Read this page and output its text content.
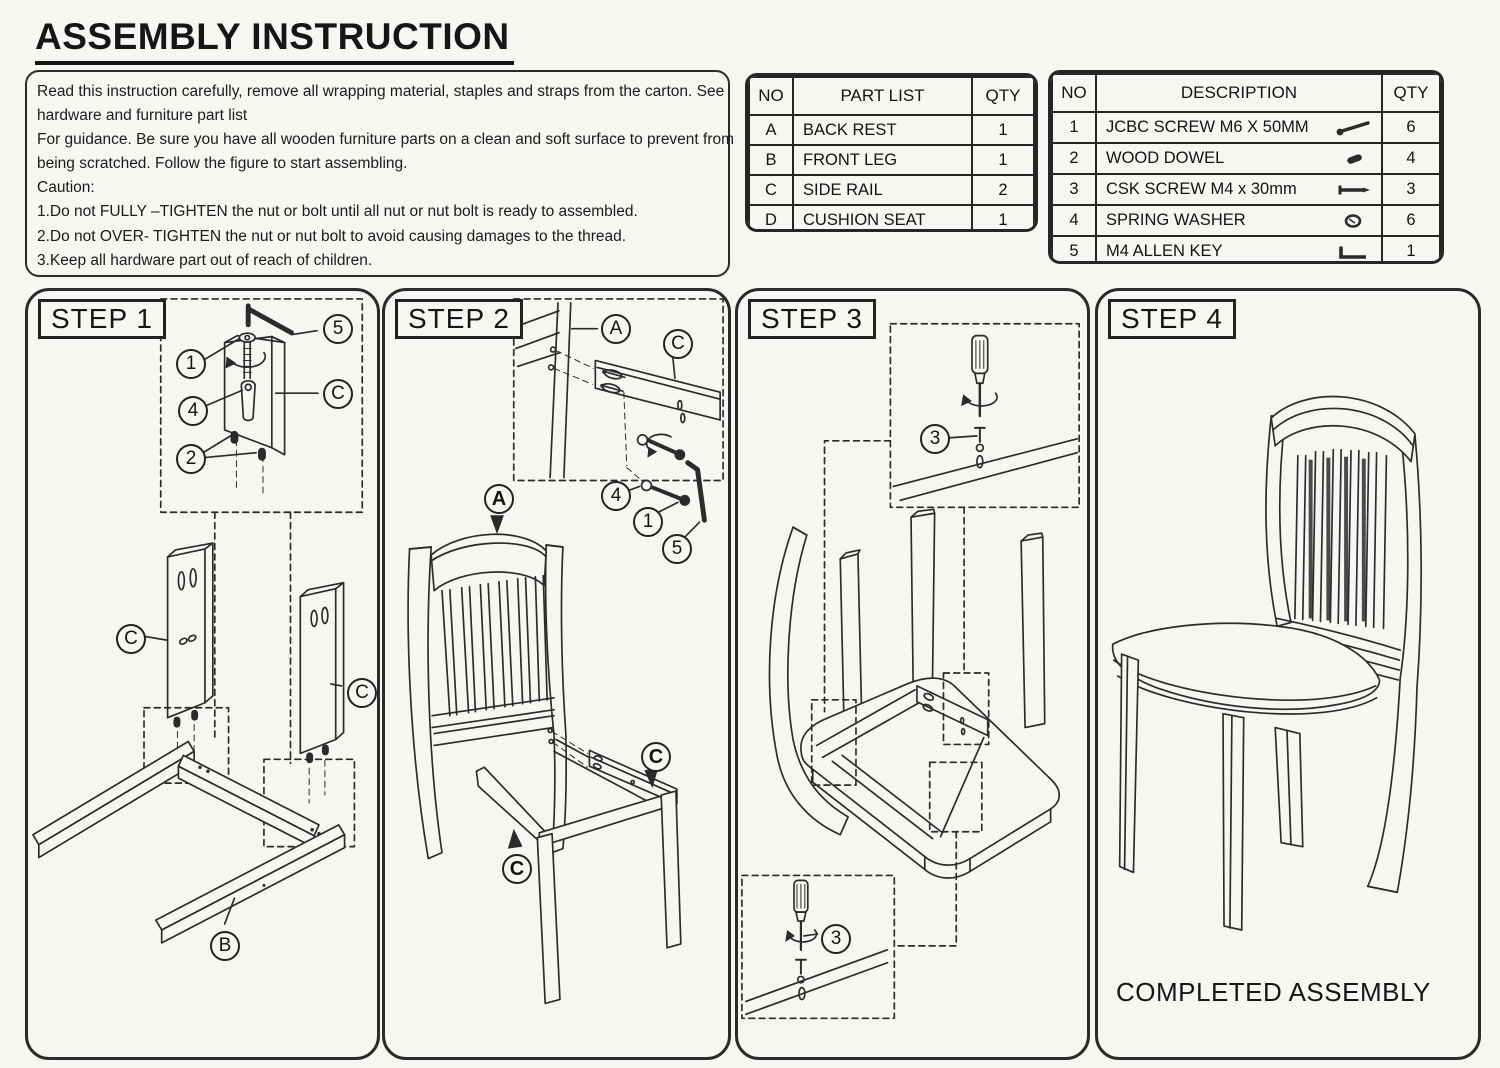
ASSEMBLY INSTRUCTION

Read this instruction carefully, remove all wrapping material, staples and straps from the carton. See

hardware and furniture part list

For guidance. Be sure you have all wooden furniture parts on a clean and soft surface to prevent from

being scratched. Follow the figure to start assembling.

Caution:

1.Do not FULLY –TIGHTEN the nut or bolt until all nut or nut bolt is ready to assembled.

2.Do not OVER- TIGHTEN the nut or nut bolt to avoid causing damages to the thread.

3.Keep all hardware part out of reach of children.

NO	PART LIST	QTY
A	BACK REST	1
B	FRONT LEG	1
C	SIDE RAIL	2
D	CUSHION SEAT	1
NO	DESCRIPTION	QTY
1	JCBC SCREW M6 X 50MM	6
2	WOOD DOWEL	4
3	CSK SCREW M4 x 30mm	3
4	SPRING WASHER	6
5	M4 ALLEN KEY	1
STEP 1	5
1
4
2
C
C
C
B
STEP 2
A
C
4
1
5
A
C
C
STEP 3
3
3
STEP 4
COMPLETED ASSEMBLY
